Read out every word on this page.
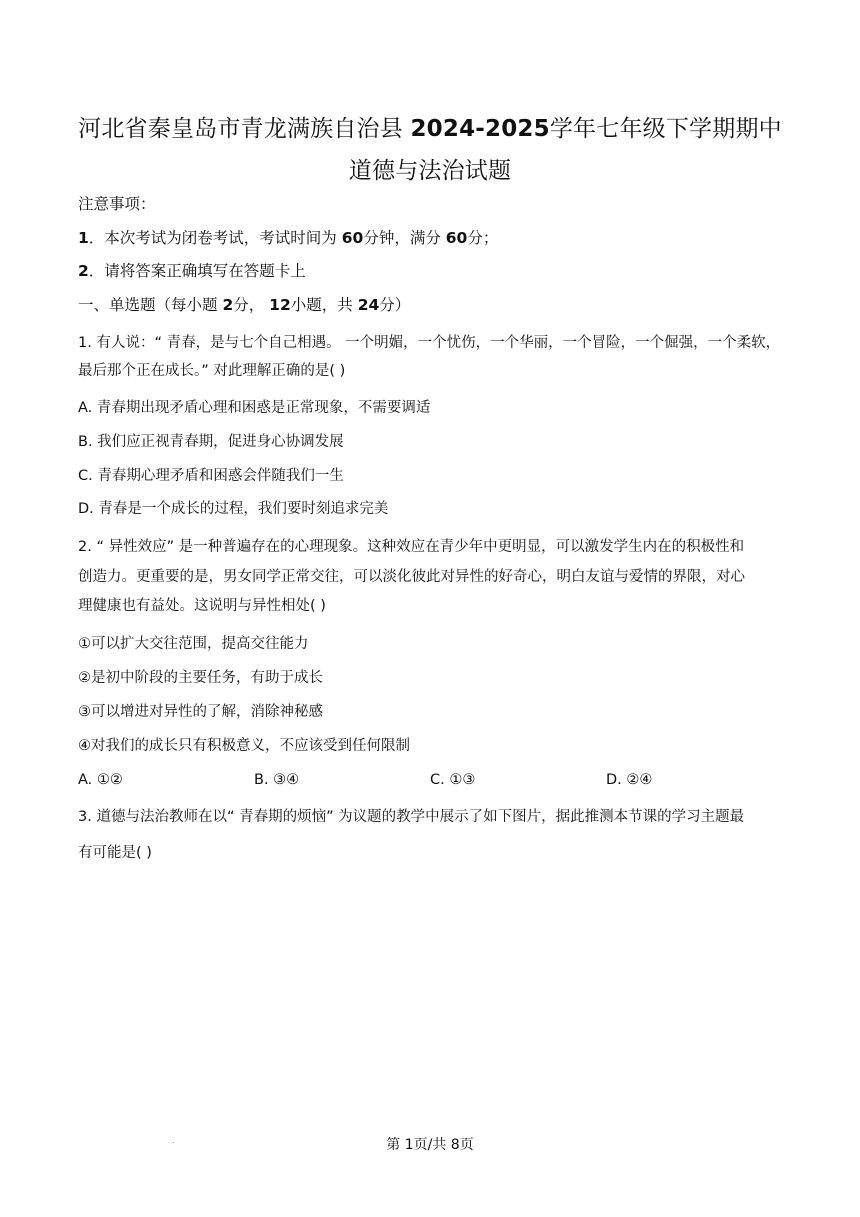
河北省秦皇岛市青龙满族自治县 2024-2025学年七年级下学期期中
道德与法治试题
注意事项：
1．本次考试为闭卷考试，考试时间为 60分钟，满分 60分；
2．请将答案正确填写在答题卡上
一、单选题（每小题 2分， 12小题，共 24分）
1. 有人说：“ 青春，是与七个自己相遇。 一个明媚，一个忧伤，一个华丽，一个冒险，一个倔强，一个柔软，
最后那个正在成长。” 对此理解正确的是( )
A. 青春期出现矛盾心理和困惑是正常现象，不需要调适
B. 我们应正视青春期，促进身心协调发展
C. 青春期心理矛盾和困惑会伴随我们一生
D. 青春是一个成长的过程，我们要时刻追求完美
2. “ 异性效应” 是一种普遍存在的心理现象。这种效应在青少年中更明显，可以激发学生内在的积极性和
创造力。更重要的是，男女同学正常交往，可以淡化彼此对异性的好奇心，明白友谊与爱情的界限，对心
理健康也有益处。这说明与异性相处( )
①可以扩大交往范围，提高交往能力
②是初中阶段的主要任务，有助于成长
③可以增进对异性的了解，消除神秘感
④对我们的成长只有积极意义，不应该受到任何限制
A. ①②	B. ③④	C. ①③	D. ②④
3. 道德与法治教师在以“ 青春期的烦恼” 为议题的教学中展示了如下图片，据此推测本节课的学习主题最
有可能是( )
.	第 1页/共 8页
